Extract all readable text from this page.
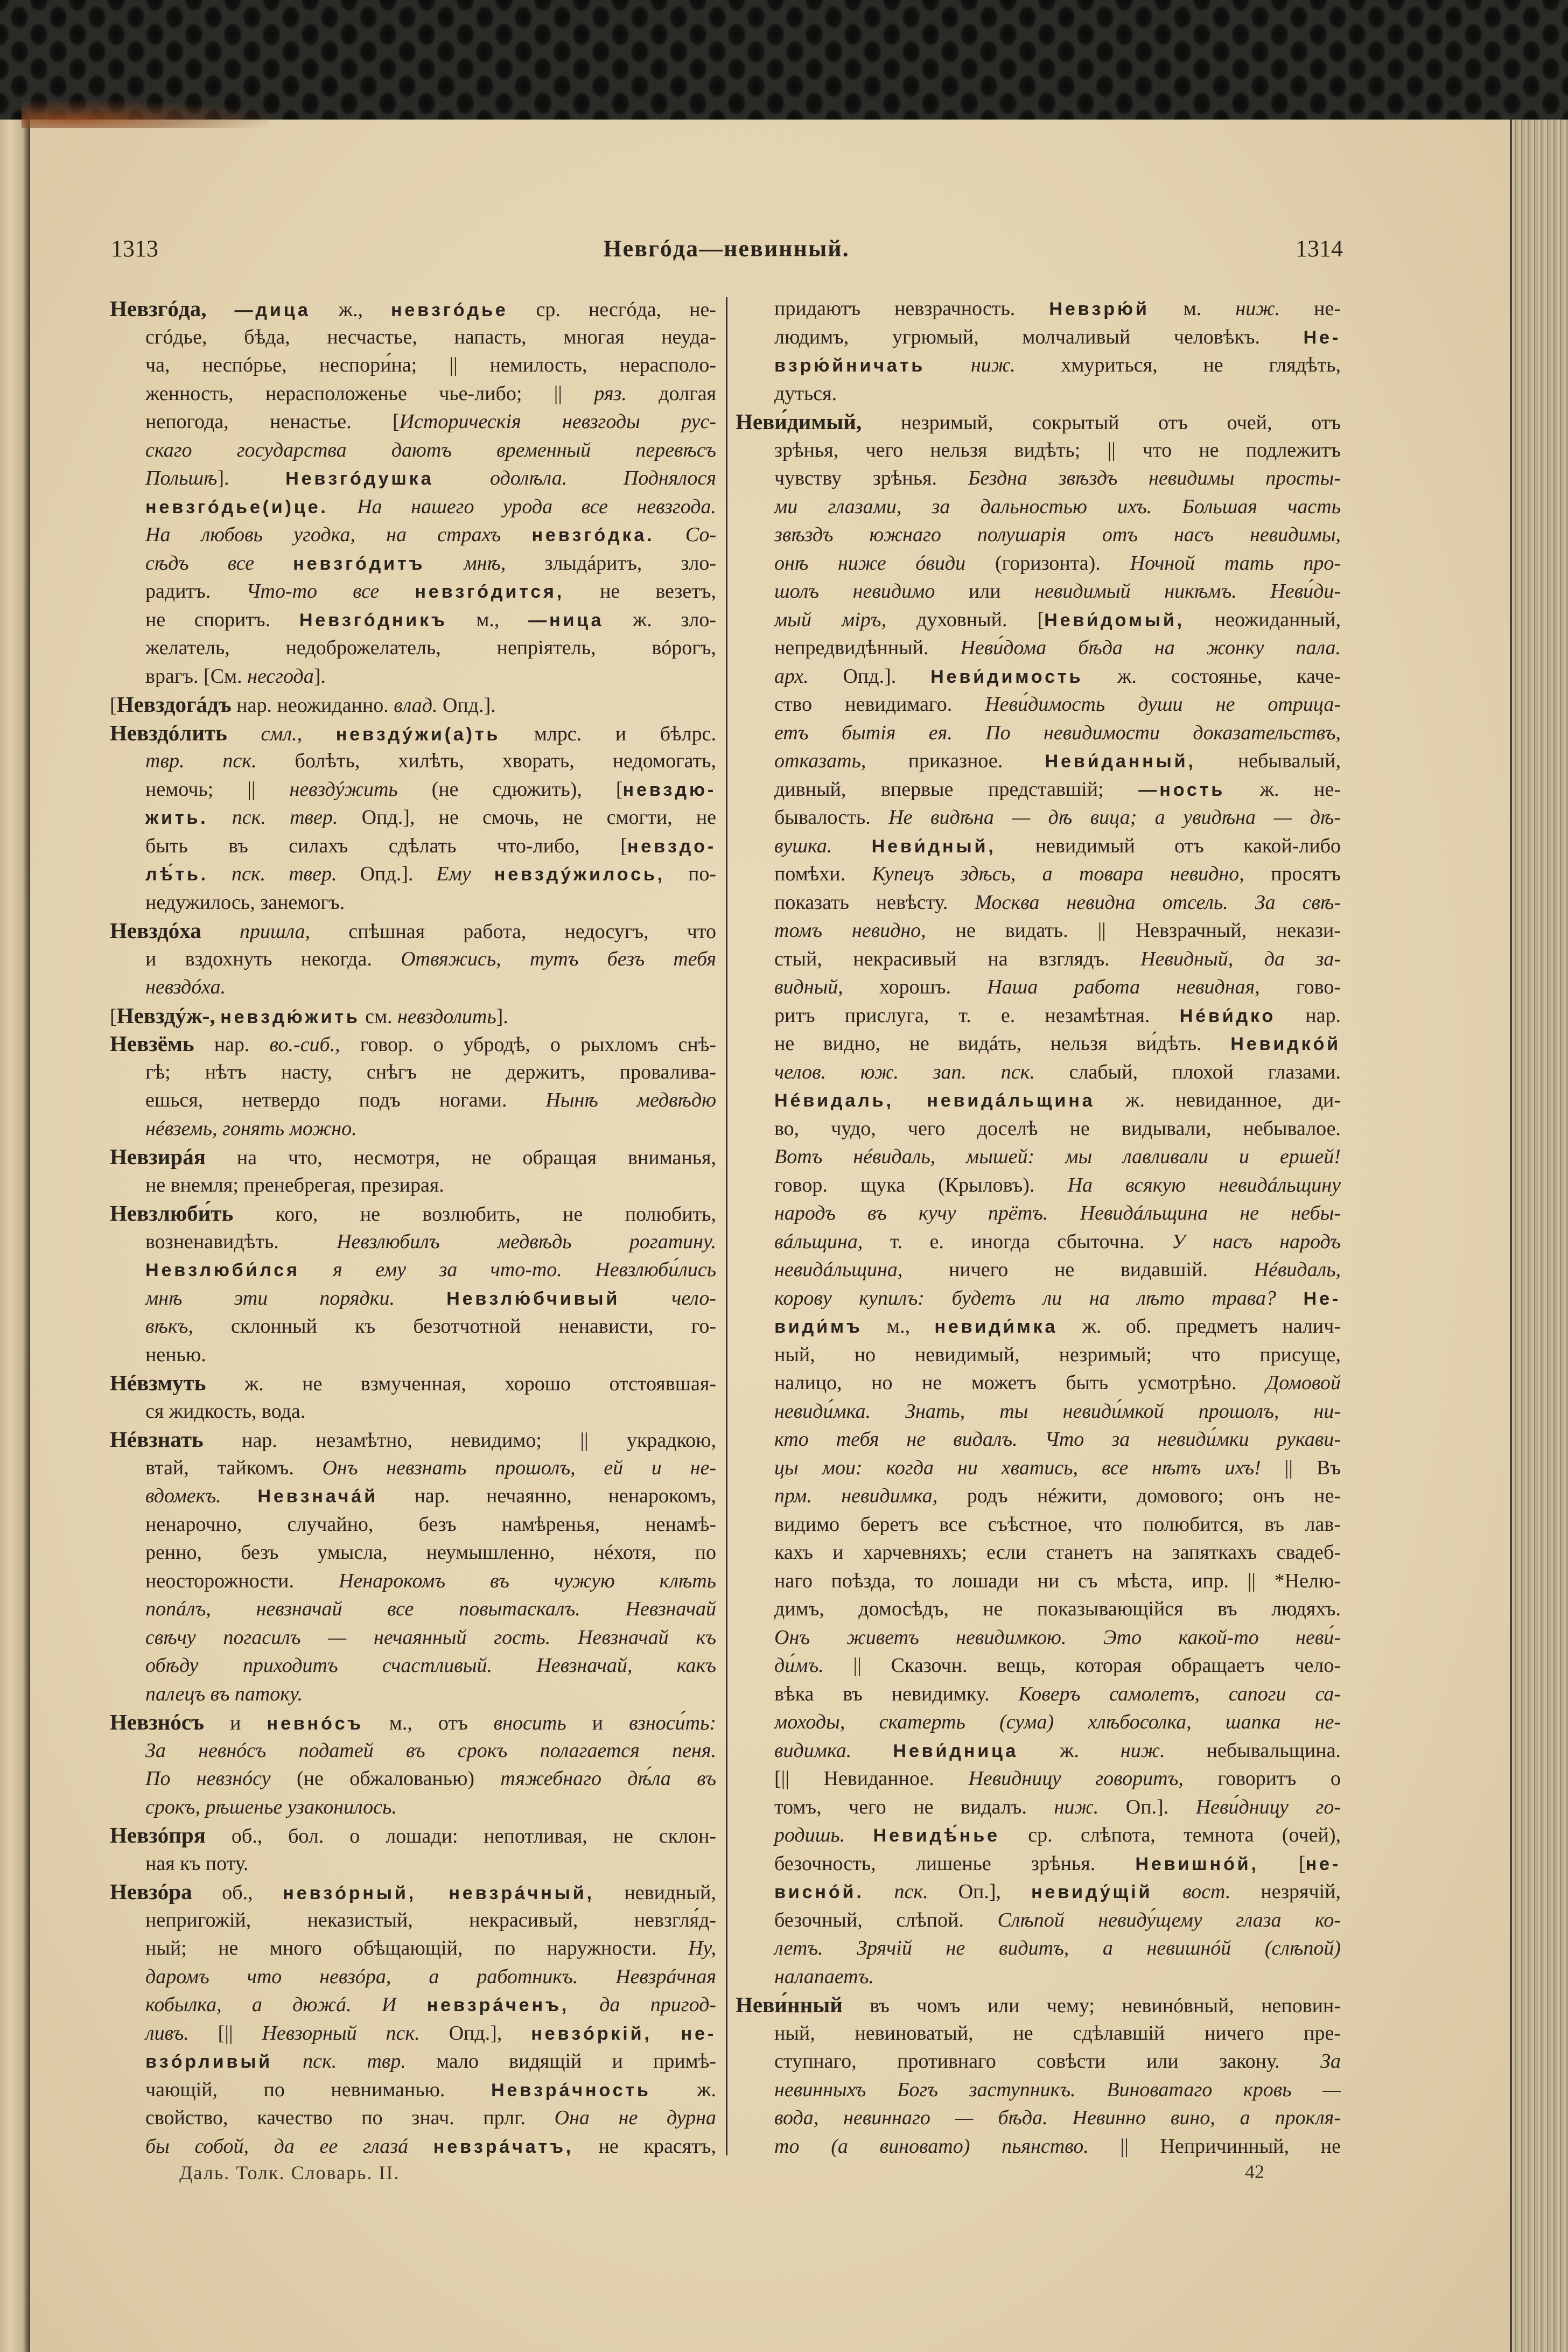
1313	Невгóда—невинный.	1314
Невзгóда, —дица ж., невзгóдье ср. несгóда, не-
сгóдье, бѣда, несчастье, напасть, многая неуда-
ча, неспóрье, неспори́на; || немилость, нерасполо-
женность, нерасположенье чье-либо; || ряз. долгая
непогода, ненастье. [Историческія невзгоды рус-
скаго государства даютъ временный перевѣсъ
Польшѣ]. Невзгóдушка	одолѣла. Поднялося
невзгóдье(и)це. На нашего урода все невзгода.
На любовь угодка, на страхъ невзгóдка. Со-
сѣдъ все невзгóдитъ мнѣ, злыдáритъ, зло-
радитъ. Что-то все невзгóдится, не везетъ,
не споритъ. Невзгóдникъ м., —ница ж. зло-
желатель, недоброжелатель, непріятель, вóрогъ,
врагъ. [См. несгода].
[Невздогáдъ нар. неожиданно. влад. Опд.].
Невздóлить смл., невздýжи(а)ть млрс. и бѣлрс.
твр. пск. болѣть, хилѣть, хворать, недомогать,
немочь; || невздýжить (не сдюжить), [невздю-
жить. пск. твер. Опд.], не смочь, не смогти, не
быть въ силахъ сдѣлать что-либо, [невздо-
лѣ́ть. пск. твер. Опд.]. Ему невздýжилось, по-
недужилось, занемогъ.
Невздóха пришла, спѣшная работа, недосугъ, что
и вздохнуть некогда. Отвяжись, тутъ безъ тебя
невздóха.
[Невздýж-, невздю́жить см. невздолить].
Невзёмь нар. во.-сиб., говор. о убродѣ, о рыхломъ снѣ-
гѣ; нѣтъ насту, снѣгъ не держитъ, провалива-
ешься, нетвердо подъ ногами. Нынѣ медвѣдю
нéвземь, гонять можно.
Невзирáя на что, несмотря, не обращая вниманья,
не внемля; пренебрегая, презирая.
Невзлюби́ть кого, не возлюбить, не полюбить,
возненавидѣть. Невзлюбилъ медвѣдь рогатину.
Невзлюби́лся я ему за что-то. Невзлюби́лись
мнѣ эти порядки.	Невзлю́бчивый	чело-
вѣкъ, склонный къ безотчотной ненависти, го-
ненью.
Нéвзмуть ж. не взмученная, хорошо отстоявшая-
ся жидкость, вода.
Нéвзнать нар. незамѣтно, невидимо; || украдкою,
втай, тайкомъ. Онъ невзнать прошолъ, ей и не-
вдомекъ. Невзначáй нар. нечаянно, ненарокомъ,
ненарочно, случайно, безъ намѣренья, ненамѣ-
ренно, безъ умысла, неумышленно, нéхотя, по
неосторожности. Ненарокомъ въ чужую клѣть
попáлъ, невзначай все повытаскалъ. Невзначай
свѣчу погасилъ — нечаянный гость. Невзначай къ
обѣду приходитъ счастливый. Невзначай, какъ
палецъ въ патоку.
Невзнóсъ и невнóсъ м., отъ вносить и взноси́ть:
За невнóсъ податей въ срокъ полагается пеня.
По невзнóсу (не обжалованью) тяжебнаго дѣ́ла въ
срокъ, рѣшенье узаконилось.
Невзóпря об., бол. о лошади: непотливая, не склон-
ная къ поту.
Невзóра об., невзóрный, невзрáчный, невидный,
непригожій, неказистый, некрасивый, невзгля́д-
ный; не много обѣщающій, по наружности. Ну,
даромъ что невзóра, а работникъ. Невзрáчная
кобылка, а дюжá. И невзрáченъ, да пригод-
ливъ. [|| Невзорный пск. Опд.], невзóркій, не-
взóрливый пск. твр. мало видящій и примѣ-
чающій, по невниманью. Невзрáчность ж.
свойство, качество по знач. прлг. Она не дурна
бы собой, да ее глазá невзрáчатъ, не красятъ,
придаютъ невзрачность. Невзрю́й м. ниж. не-
людимъ, угрюмый, молчаливый человѣкъ. Не-
взрю́йничать ниж. хмуриться, не глядѣть,
дуться.
Неви́димый, незримый, сокрытый отъ очей, отъ
зрѣнья, чего нельзя видѣть; || что не подлежитъ
чувству зрѣнья. Бездна звѣздъ невидимы просты-
ми глазами, за дальностью ихъ. Большая часть
звѣздъ южнаго полушарія отъ насъ невидимы,
онѣ ниже óвиди (горизонта). Ночной тать про-
шолъ невидимо или невидимый никѣмъ. Неви́ди-
мый міръ, духовный. [Неви́домый, неожиданный,
непредвидѣнный. Неви́дома бѣда на жонку пала.
арх. Опд.]. Неви́димость ж. состоянье, каче-
ство невидимаго. Неви́димость души не отрица-
етъ бытія ея. По невидимости доказательствъ,
отказать, приказное. Неви́данный, небывалый,
дивный, впервые представшій; —ность ж. не-
бывалость. Не видѣна — дѣ вица; а увидѣна — дѣ-
вушка. Неви́дный, невидимый отъ какой-либо
помѣхи. Купецъ здѣсь, а товара невидно, просятъ
показать невѣсту. Москва невидна отсель. За свѣ-
томъ невидно, не видать. || Невзрачный, некази-
стый, некрасивый на взглядъ. Невидный, да за-
видный, хорошъ. Наша работа невидная, гово-
ритъ прислуга, т. е. незамѣтная. Нéви́дко нар.
не видно, не видáть, нельзя ви́дѣть. Невидкóй
челов. юж. зап. пск. слабый, плохой глазами.
Нéвидаль, невидáльщина ж. невиданное, ди-
во, чудо, чего доселѣ не видывали, небывалое.
Вотъ нéвидаль, мышей: мы лавливали и ершей!
говор. щука (Крыловъ). На всякую невидáльщину
народъ въ кучу прётъ. Невидáльщина не небы-
вáльщина, т. е. иногда сбыточна. У насъ народъ
невидáльщина, ничего не видавшій. Нéвидаль,
корову купилъ: будетъ ли на лѣто трава? Не-
види́мъ м., невиди́мка ж. об. предметъ налич-
ный, но невидимый, незримый; что присуще,
налицо, но не можетъ быть усмотрѣно. Домовой
невиди́мка. Знать, ты невиди́мкой прошолъ, ни-
кто тебя не видалъ. Что за невиди́мки рукави-
цы мои: когда ни хватись, все нѣтъ ихъ! || Въ
прм. невидимка, родъ нéжити, домового; онъ не-
видимо беретъ все съѣстное, что полюбится, въ лав-
кахъ и харчевняхъ; если станетъ на запяткахъ свадеб-
наго поѣзда, то лошади ни съ мѣста, ипр. || *Нелю-
димъ, домосѣдъ, не показывающійся въ людяхъ.
Онъ живетъ невидимкою. Это какой-то неви́-
ди́мъ. || Сказочн. вещь, которая обращаетъ чело-
вѣка въ невидимку. Коверъ самолетъ, сапоги са-
моходы, скатерть (сума) хлѣбосолка, шапка не-
видимка. Неви́дница ж. ниж. небывальщина.
[|| Невиданное. Невидницу говоритъ, говоритъ о
томъ, чего не видалъ. ниж. Оп.]. Неви́дницу го-
родишь. Невидѣ́нье ср. слѣпота, темнота (очей),
безочность, лишенье зрѣнья. Невишнóй, [не-
виснóй. пск. Оп.], невиду́щій вост. незрячій,
безочный, слѣпой. Слѣпой невиду́щему глаза ко-
летъ. Зрячій не видитъ, а невишнóй (слѣпой)
налапаетъ.
Неви́нный въ чомъ или чему; невинóвный, неповин-
ный, невиноватый, не сдѣлавшій ничего пре-
ступнаго, противнаго совѣсти или закону. За
невинныхъ Богъ заступникъ. Виноватаго кровь —
вода, невиннаго — бѣда. Невинно вино, а прокля-
то (а виновато) пьянство. || Непричинный, не
Даль. Толк. Словарь. II.	42
